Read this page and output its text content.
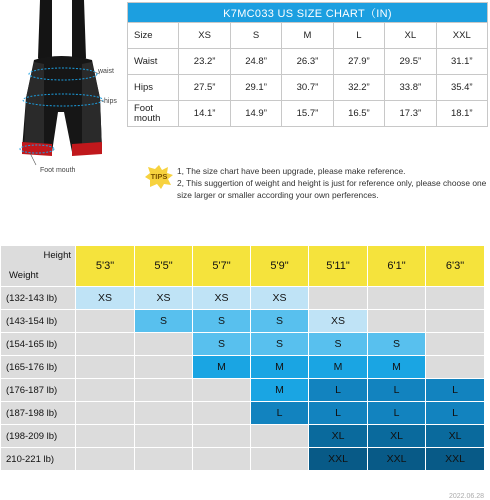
waist
hips
Foot mouth
K7MC033 US SIZE CHART（IN)						
Size	XS	S	M	L	XL	XXL
Waist	23.2”	24.8”	26.3”	27.9”	29.5”	31.1”
Hips	27.5”	29.1”	30.7”	32.2”	33.8”	35.4”
Foot mouth	14.1”	14.9”	15.7”	16.5”	17.3”	18.1”
TIPS
1, The size chart have been upgrade, please make reference.
2, This suggertion of weight and height is just for reference only, please choose one size larger or smaller according your own perferences.
Height
Weight	5'3"	5'5"	5'7"	5'9"	5'11"	6'1"	6'3"
(132-143 lb)	XS	XS	XS	XS			
(143-154 lb)		S	S	S	XS		
(154-165 lb)			S	S	S	S	
(165-176 lb)			M	M	M	M	
(176-187 lb)				M	L	L	L
(187-198 lb)				L	L	L	L
(198-209 lb)					XL	XL	XL
210-221 lb)					XXL	XXL	XXL
2022.06.28
